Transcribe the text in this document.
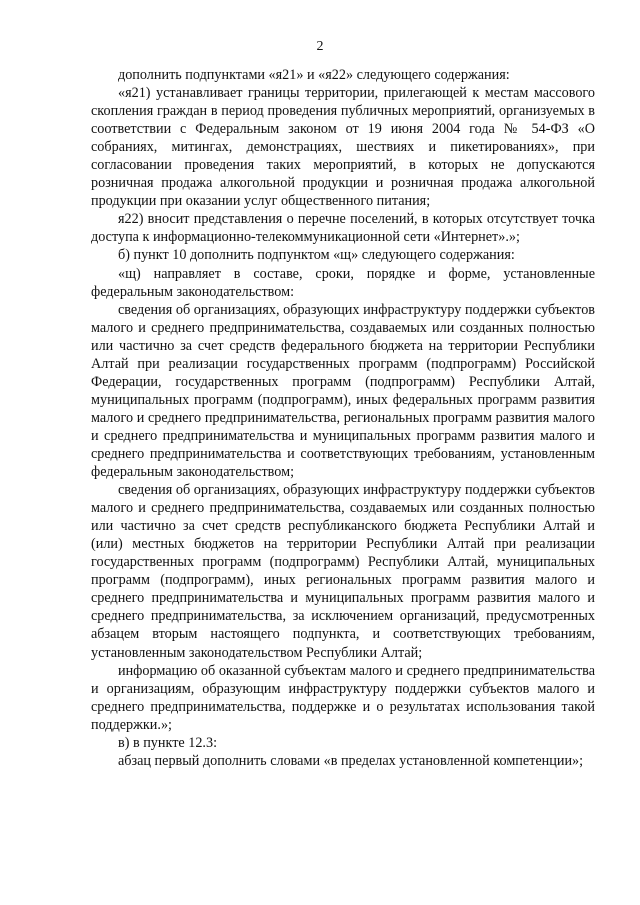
2

дополнить подпунктами «я21» и «я22» следующего содержания:

«я21) устанавливает границы территории, прилегающей к местам массового скопления граждан в период проведения публичных мероприятий, организуемых в соответствии с Федеральным законом от 19 июня 2004 года № 54-ФЗ «О собраниях, митингах, демонстрациях, шествиях и пикетированиях», при согласовании проведения таких мероприятий, в которых не допускаются розничная продажа алкогольной продукции и розничная продажа алкогольной продукции при оказании услуг общественного питания;

я22) вносит представления о перечне поселений, в которых отсутствует точка доступа к информационно-телекоммуникационной сети «Интернет».»;

б) пункт 10 дополнить подпунктом «щ» следующего содержания:

«щ) направляет в составе, сроки, порядке и форме, установленные федеральным законодательством:

сведения об организациях, образующих инфраструктуру поддержки субъектов малого и среднего предпринимательства, создаваемых или созданных полностью или частично за счет средств федерального бюджета на территории Республики Алтай при реализации государственных программ (подпрограмм) Российской Федерации, государственных программ (подпрограмм) Республики Алтай, муниципальных программ (подпрограмм), иных федеральных программ развития малого и среднего предпринимательства, региональных программ развития малого и среднего предпринимательства и муниципальных программ развития малого и среднего предпринимательства и соответствующих требованиям, установленным федеральным законодательством;

сведения об организациях, образующих инфраструктуру поддержки субъектов малого и среднего предпринимательства, создаваемых или созданных полностью или частично за счет средств республиканского бюджета Республики Алтай и (или) местных бюджетов на территории Республики Алтай при реализации государственных программ (подпрограмм) Республики Алтай, муниципальных программ (подпрограмм), иных региональных программ развития малого и среднего предпринимательства и муниципальных программ развития малого и среднего предпринимательства, за исключением организаций, предусмотренных абзацем вторым настоящего подпункта, и соответствующих требованиям, установленным законодательством Республики Алтай;

информацию об оказанной субъектам малого и среднего предпринимательства и организациям, образующим инфраструктуру поддержки субъектов малого и среднего предпринимательства, поддержке и о результатах использования такой поддержки.»;

в) в пункте 12.3:

абзац первый дополнить словами «в пределах установленной компетенции»;
